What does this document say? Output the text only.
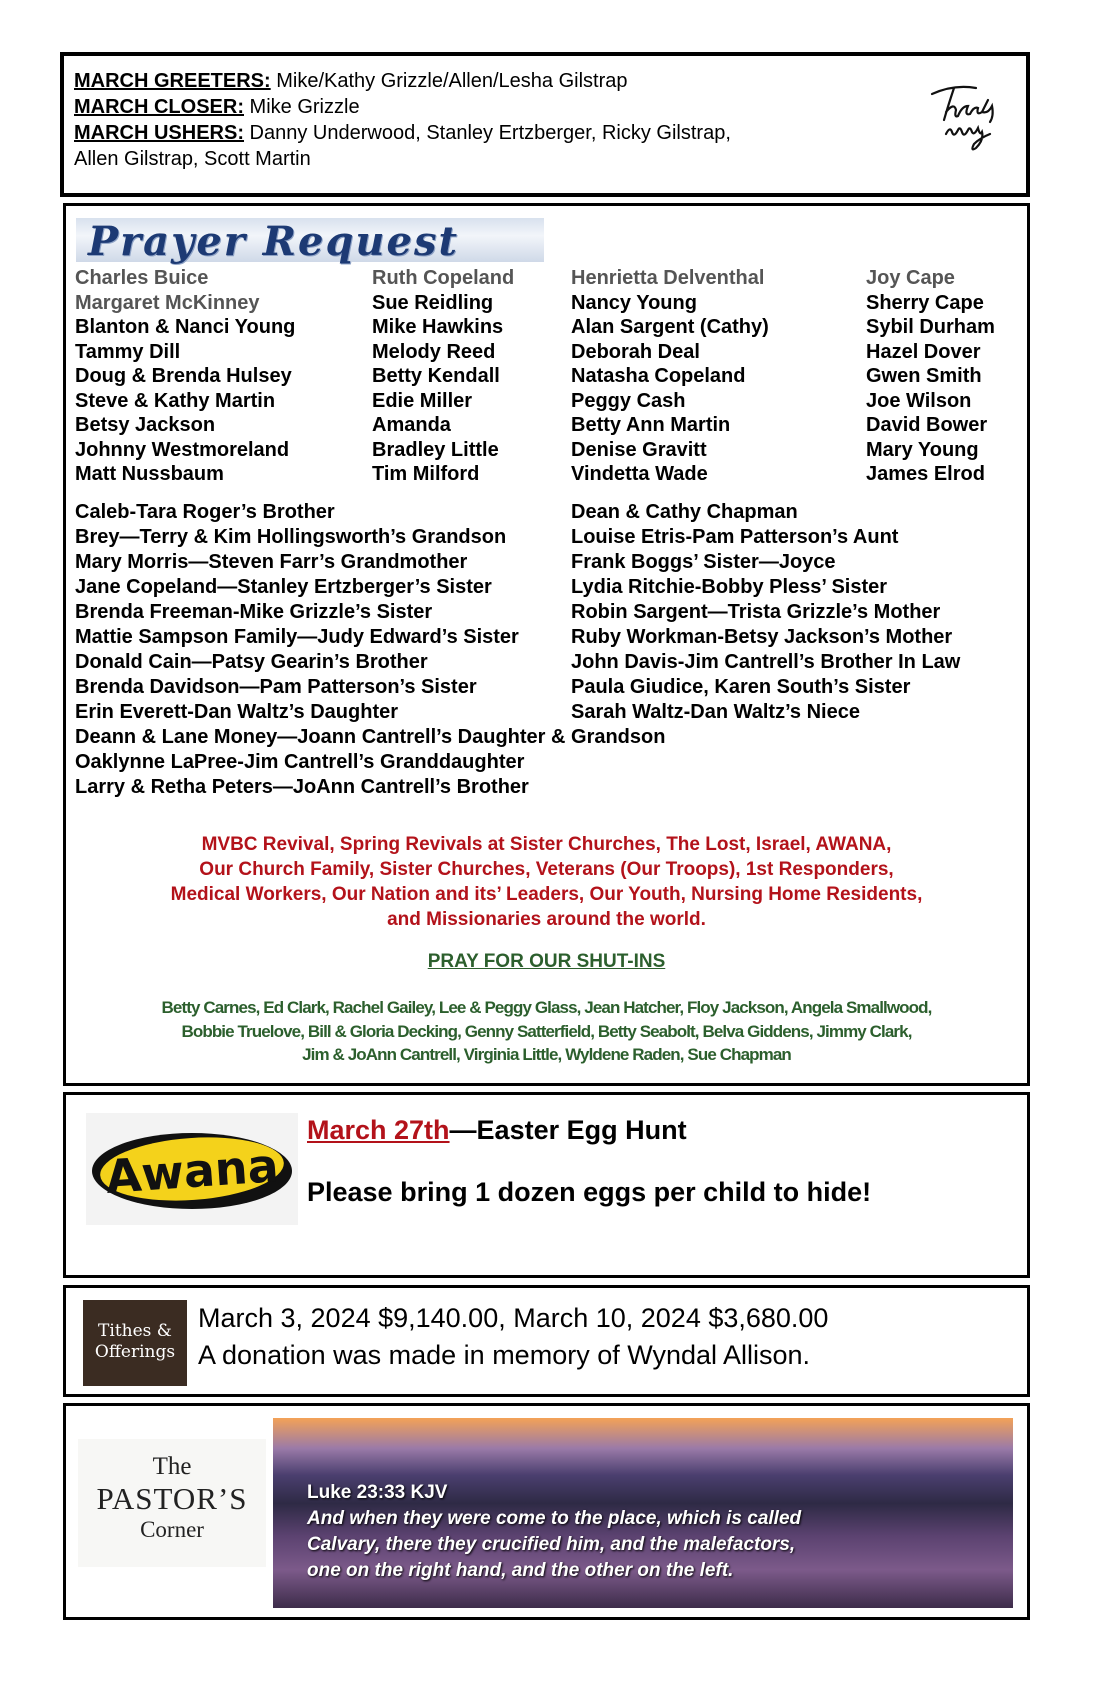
MARCH GREETERS: Mike/Kathy Grizzle/Allen/Lesha Gilstrap
MARCH CLOSER: Mike Grizzle
MARCH USHERS: Danny Underwood, Stanley Ertzberger, Ricky Gilstrap,
Allen Gilstrap, Scott Martin
Prayer Request
Charles Buice
Margaret McKinney
Blanton & Nanci Young
Tammy Dill
Doug & Brenda Hulsey
Steve & Kathy Martin
Betsy Jackson
Johnny Westmoreland
Matt Nussbaum
Ruth Copeland
Sue Reidling
Mike Hawkins
Melody Reed
Betty Kendall
Edie Miller
Amanda
Bradley Little
Tim Milford
Henrietta Delventhal
Nancy Young
Alan Sargent (Cathy)
Deborah Deal
Natasha Copeland
Peggy Cash
Betty Ann Martin
Denise Gravitt
Vindetta Wade
Joy Cape
Sherry Cape
Sybil Durham
Hazel Dover
Gwen Smith
Joe Wilson
David Bower
Mary Young
James Elrod
Caleb-Tara Roger’s Brother
Brey—Terry & Kim Hollingsworth’s Grandson
Mary Morris—Steven Farr’s Grandmother
Jane Copeland—Stanley Ertzberger’s Sister
Brenda Freeman-Mike Grizzle’s Sister
Mattie Sampson Family—Judy Edward’s Sister
Donald Cain—Patsy Gearin’s Brother
Brenda Davidson—Pam Patterson’s Sister
Erin Everett-Dan Waltz’s Daughter
Deann & Lane Money—Joann Cantrell’s Daughter & Grandson
Oaklynne LaPree-Jim Cantrell’s Granddaughter
Larry & Retha Peters—JoAnn Cantrell’s Brother
Dean & Cathy Chapman
Louise Etris-Pam Patterson’s Aunt
Frank Boggs’ Sister—Joyce
Lydia Ritchie-Bobby Pless’ Sister
Robin Sargent—Trista Grizzle’s Mother
Ruby Workman-Betsy Jackson’s Mother
John Davis-Jim Cantrell’s Brother In Law
Paula Giudice, Karen South’s Sister
Sarah Waltz-Dan Waltz’s Niece
MVBC Revival, Spring Revivals at Sister Churches, The Lost, Israel, AWANA,
Our Church Family, Sister Churches, Veterans (Our Troops), 1st Responders,
Medical Workers, Our Nation and its’ Leaders, Our Youth, Nursing Home Residents,
and Missionaries around the world.
PRAY FOR OUR SHUT-INS
Betty Carnes, Ed Clark, Rachel Gailey, Lee & Peggy Glass, Jean Hatcher, Floy Jackson, Angela Smallwood,
Bobbie Truelove, Bill & Gloria Decking, Genny Satterfield, Betty Seabolt, Belva Giddens, Jimmy Clark,
Jim & JoAnn Cantrell, Virginia Little, Wyldene Raden, Sue Chapman
Awana
March 27th—Easter Egg Hunt
Please bring 1 dozen eggs per child to hide!
Tithes &
Offerings
March 3, 2024 $9,140.00, March 10, 2024 $3,680.00
A donation was made in memory of Wyndal Allison.
The
PASTOR’S
Corner
Luke 23:33 KJV
And when they were come to the place, which is called
Calvary, there they crucified him, and the malefactors,
one on the right hand, and the other on the left.
